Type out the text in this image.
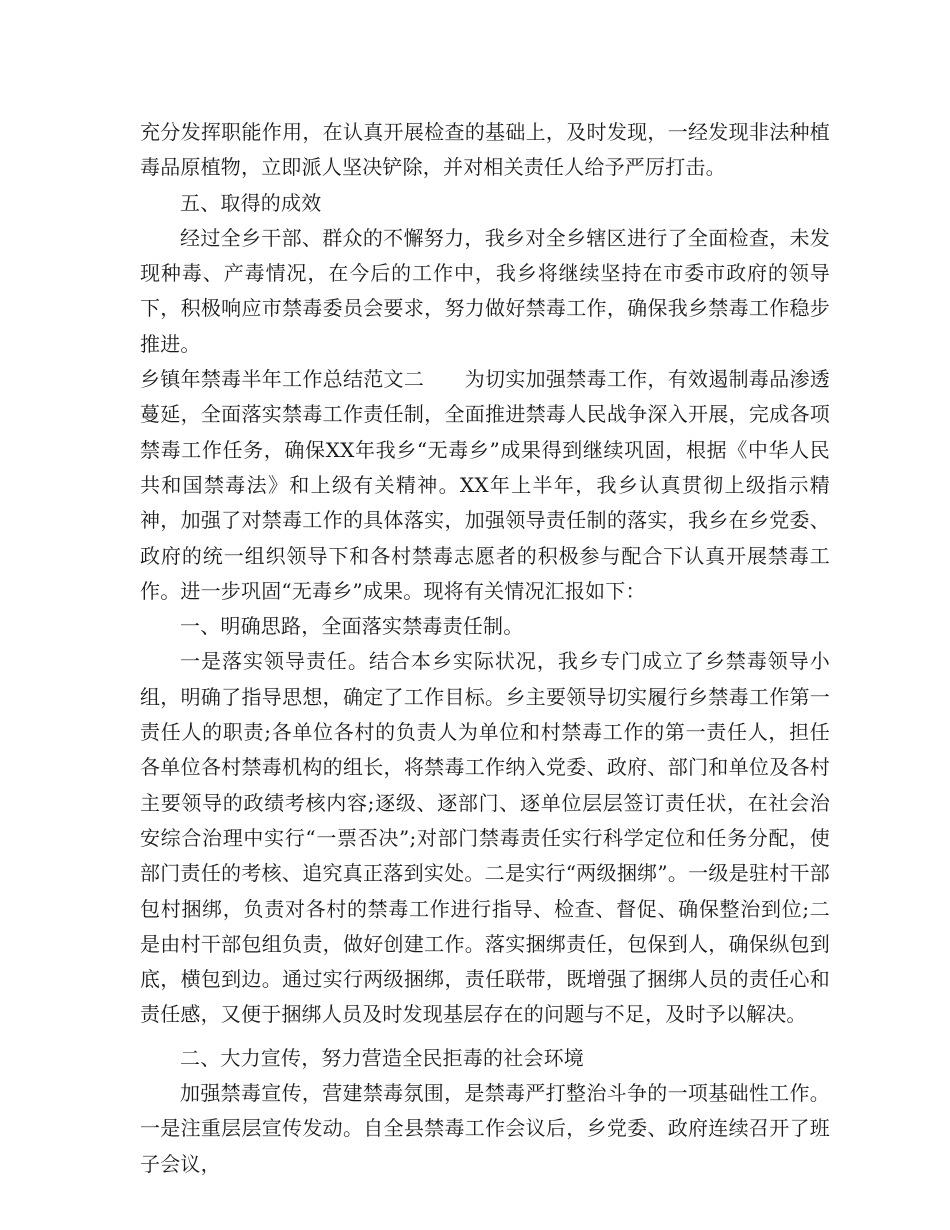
充分发挥职能作用，在认真开展检查的基础上，及时发现，一经发现非法种植毒品原植物，立即派人坚决铲除，并对相关责任人给予严厉打击。

五、取得的成效

经过全乡干部、群众的不懈努力，我乡对全乡辖区进行了全面检查，未发现种毒、产毒情况，在今后的工作中，我乡将继续坚持在市委市政府的领导下，积极响应市禁毒委员会要求，努力做好禁毒工作，确保我乡禁毒工作稳步推进。

乡镇年禁毒半年工作总结范文二　　为切实加强禁毒工作，有效遏制毒品渗透蔓延，全面落实禁毒工作责任制，全面推进禁毒人民战争深入开展，完成各项禁毒工作任务，确保XX年我乡“无毒乡”成果得到继续巩固，根据《中华人民共和国禁毒法》和上级有关精神。XX年上半年，我乡认真贯彻上级指示精神，加强了对禁毒工作的具体落实，加强领导责任制的落实，我乡在乡党委、政府的统一组织领导下和各村禁毒志愿者的积极参与配合下认真开展禁毒工作。进一步巩固“无毒乡”成果。现将有关情况汇报如下：

一、明确思路，全面落实禁毒责任制。

一是落实领导责任。结合本乡实际状况，我乡专门成立了乡禁毒领导小组，明确了指导思想，确定了工作目标。乡主要领导切实履行乡禁毒工作第一责任人的职责;各单位各村的负责人为单位和村禁毒工作的第一责任人，担任各单位各村禁毒机构的组长，将禁毒工作纳入党委、政府、部门和单位及各村主要领导的政绩考核内容;逐级、逐部门、逐单位层层签订责任状，在社会治安综合治理中实行“一票否决”;对部门禁毒责任实行科学定位和任务分配，使部门责任的考核、追究真正落到实处。二是实行“两级捆绑”。一级是驻村干部包村捆绑，负责对各村的禁毒工作进行指导、检查、督促、确保整治到位;二是由村干部包组负责，做好创建工作。落实捆绑责任，包保到人，确保纵包到底，横包到边。通过实行两级捆绑，责任联带，既增强了捆绑人员的责任心和责任感，又便于捆绑人员及时发现基层存在的问题与不足，及时予以解决。

二、大力宣传，努力营造全民拒毒的社会环境

加强禁毒宣传，营建禁毒氛围，是禁毒严打整治斗争的一项基础性工作。一是注重层层宣传发动。自全县禁毒工作会议后，乡党委、政府连续召开了班子会议，
